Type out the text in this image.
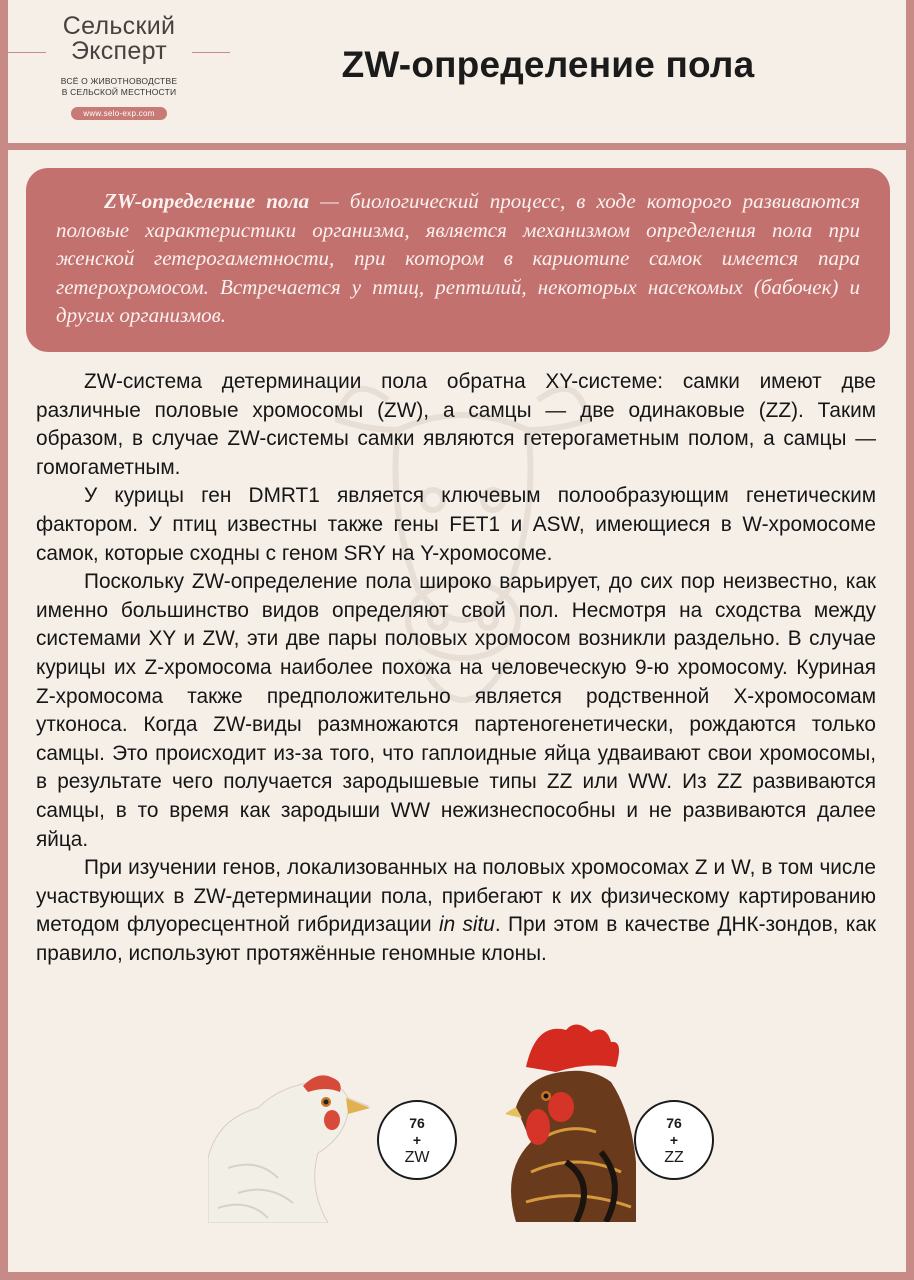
Сельский
Эксперт
ВСЁ О ЖИВОТНОВОДСТВЕ
В СЕЛЬСКОЙ МЕСТНОСТИ
www.selo-exp.com
ZW-определение пола
ZW-определение пола — биологический процесс, в ходе которого развиваются половые характеристики организма, является механизмом определения пола при женской гетерогаметности, при котором в кариотипе самок имеется пара гетерохромосом. Встречается у птиц, рептилий, некоторых насекомых (бабочек) и других организмов.

ZW-система детерминации пола обратна XY-системе: самки имеют две различные половые хромосомы (ZW), а самцы — две одинаковые (ZZ). Таким образом, в случае ZW-системы самки являются гетерогаметным полом, а самцы — гомогаметным.

У курицы ген DMRT1 является ключевым полообразующим генетическим фактором. У птиц известны также гены FET1 и ASW, имеющиеся в W-хромосоме самок, которые сходны с геном SRY на Y-хромосоме.

Поскольку ZW-определение пола широко варьирует, до сих пор неизвестно, как именно большинство видов определяют свой пол. Несмотря на сходства между системами XY и ZW, эти две пары половых хромосом возникли раздельно. В случае курицы их Z-хромосома наиболее похожа на человеческую 9-ю хромосому. Куриная Z-хромосома также предположительно является родственной X-хромосомам утконоса. Когда ZW-виды размножаются партеногенетически, рождаются только самцы. Это происходит из-за того, что гаплоидные яйца удваивают свои хромосомы, в результате чего получается зародышевые типы ZZ или WW. Из ZZ развиваются самцы, в то время как зародыши WW нежизнеспособны и не развиваются далее яйца.

При изучении генов, локализованных на половых хромосомах Z и W, в том числе участвующих в ZW-детерминации пола, прибегают к их физическому картированию методом флуоресцентной гибридизации in situ. При этом в качестве ДНК-зондов, как правило, используют протяжённые геномные клоны.

76
+
ZW
76
+
ZZ
